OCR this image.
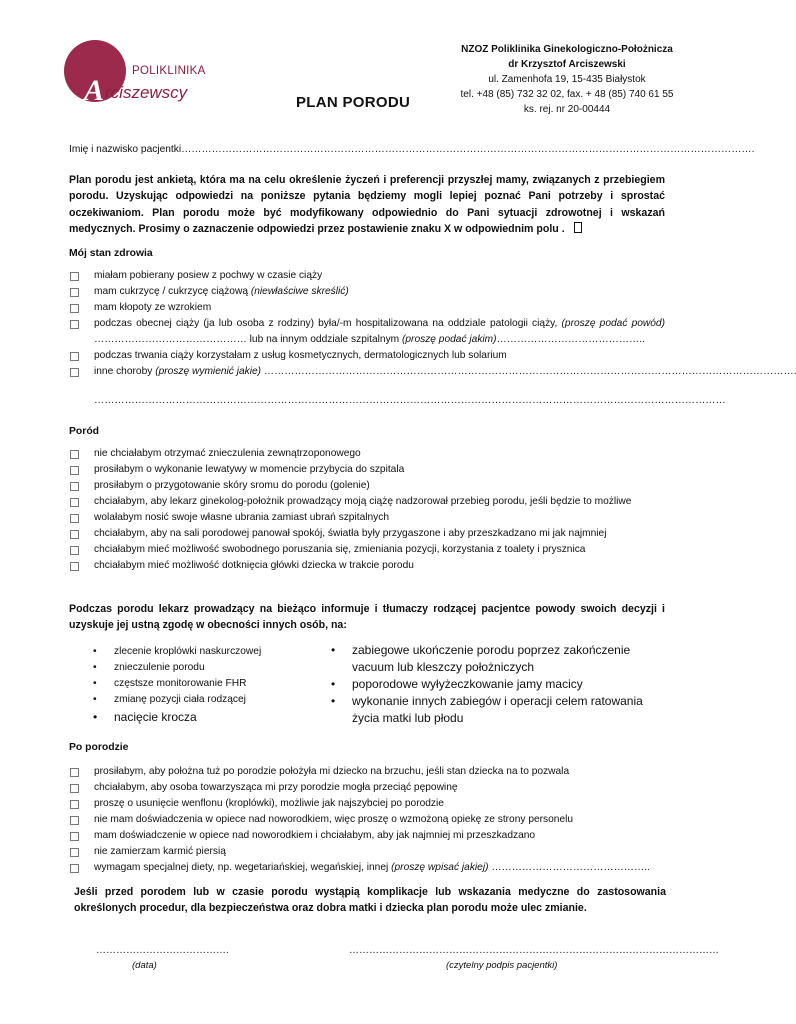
POLIKLINIKA
A rciszewscy
NZOZ Poliklinika Ginekologiczno-Położnicza
dr Krzysztof Arciszewski
ul. Zamenhofa 19, 15-435 Białystok
tel. +48 (85) 732 32 02, fax. + 48 (85) 740 61 55
ks. rej. nr 20-00444
PLAN PORODU
Imię i nazwisko pacjentki…………………………………………………………………………………………………………………………………………………….
Plan porodu jest ankietą, która ma na celu określenie życzeń i preferencji przyszłej mamy, związanych z przebiegiem porodu. Uzyskując odpowiedzi na poniższe pytania będziemy mogli lepiej poznać Pani potrzeby i sprostać oczekiwaniom. Plan porodu może być modyfikowany odpowiednio do Pani sytuacji zdrowotnej i wskazań medycznych. Prosimy o zaznaczenie odpowiedzi przez postawienie znaku X w odpowiednim polu .
Mój stan zdrowia
miałam pobierany posiew z pochwy w czasie ciąży
mam cukrzycę / cukrzycę ciążową (niewłaściwe skreślić)
mam kłopoty ze wzrokiem
podczas obecnej ciąży (ja lub osoba z rodziny) była/-m hospitalizowana na oddziale patologii ciąży, (proszę podać powód) ……………………………………… lub na innym oddziale szpitalnym (proszę podać jakim)……………………………………..
podczas trwania ciąży korzystałam z usług kosmetycznych, dermatologicznych lub solarium
inne choroby (proszę wymienić jakie) ………………………………………………………………………………………………………………………………………….
……………………………………………………………………………………………………………………………………………………………………
Poród
nie chciałabym otrzymać znieczulenia zewnątrzoponowego
prosiłabym o wykonanie lewatywy w momencie przybycia do szpitala
prosiłabym o przygotowanie skóry sromu do porodu (golenie)
chciałabym, aby lekarz ginekolog-położnik prowadzący moją ciążę nadzorował przebieg porodu, jeśli będzie to możliwe
wolałabym nosić swoje własne ubrania zamiast ubrań szpitalnych
chciałabym, aby na sali porodowej panował spokój, światła były przygaszone i aby przeszkadzano mi jak najmniej
chciałabym mieć możliwość swobodnego poruszania się, zmieniania pozycji, korzystania z toalety i prysznica
chciałabym mieć możliwość dotknięcia główki dziecka w trakcie porodu
Podczas porodu lekarz prowadzący na bieżąco informuje i tłumaczy rodzącej pacjentce powody swoich decyzji i uzyskuje jej ustną zgodę w obecności innych osób, na:
• zlecenie kroplówki naskurczowej
• znieczulenie porodu
• częstsze monitorowanie FHR
• zmianę pozycji ciała rodzącej
• nacięcie krocza
• zabiegowe ukończenie porodu poprzez zakończenie vacuum lub kleszczy położniczych
• poporodowe wyłyżeczkowanie jamy macicy
• wykonanie innych zabiegów i operacji celem ratowania życia matki lub płodu
Po porodzie
prosiłabym, aby położna tuż po porodzie położyła mi dziecko na brzuchu, jeśli stan dziecka na to pozwala
chciałabym, aby osoba towarzysząca mi przy porodzie mogła przeciąć pępowinę
proszę o usunięcie wenflonu (kroplówki), możliwie jak najszybciej po porodzie
nie mam doświadczenia w opiece nad noworodkiem, więc proszę o wzmożoną opiekę ze strony personelu
mam doświadczenie w opiece nad noworodkiem i chciałabym, aby jak najmniej mi przeszkadzano
nie zamierzam karmić piersią
wymagam specjalnej diety, np. wegetariańskiej, wegańskiej, innej (proszę wpisać jakiej) ………………………………………..
Jeśli przed porodem lub w czasie porodu wystąpią komplikacje lub wskazania medyczne do zastosowania określonych procedur, dla bezpieczeństwa oraz dobra matki i dziecka plan porodu może ulec zmianie.
………………………………….
(data)
…………………………………………………………………………………………………
(czytelny podpis pacjentki)
